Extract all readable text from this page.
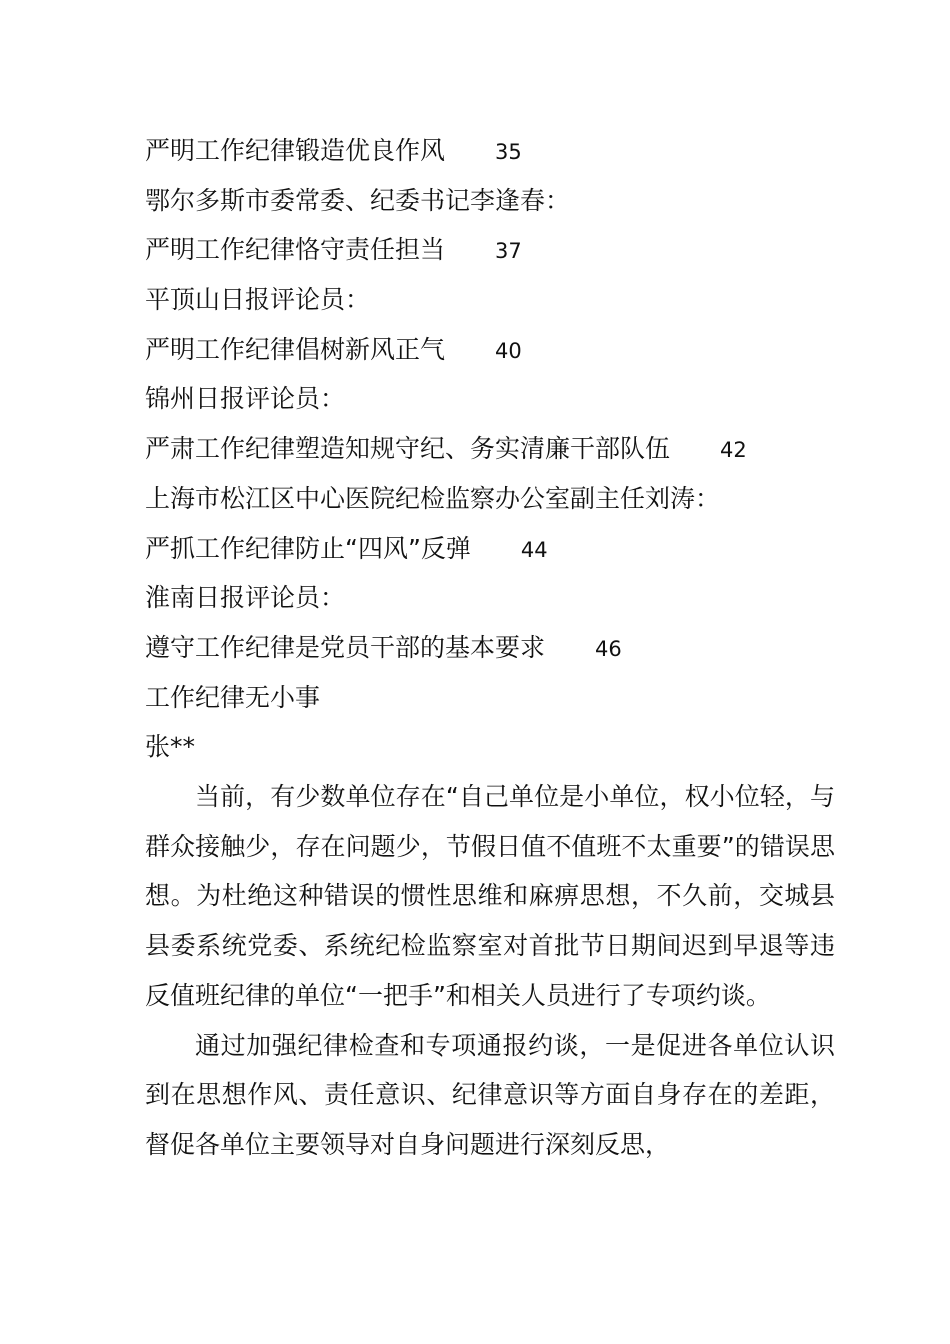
严明工作纪律锻造优良作风 35
鄂尔多斯市委常委、纪委书记李逢春：
严明工作纪律恪守责任担当 37
平顶山日报评论员：
严明工作纪律倡树新风正气 40
锦州日报评论员：
严肃工作纪律塑造知规守纪、务实清廉干部队伍 42
上海市松江区中心医院纪检监察办公室副主任刘涛：
严抓工作纪律防止“四风”反弹 44
淮南日报评论员：
遵守工作纪律是党员干部的基本要求 46
工作纪律无小事
张**

当前，有少数单位存在“自己单位是小单位，权小位轻，与群众接触少，存在问题少，节假日值不值班不太重要”的错误思想。为杜绝这种错误的惯性思维和麻痹思想，不久前，交城县县委系统党委、系统纪检监察室对首批节日期间迟到早退等违反值班纪律的单位“一把手”和相关人员进行了专项约谈。

通过加强纪律检查和专项通报约谈，一是促进各单位认识到在思想作风、责任意识、纪律意识等方面自身存在的差距，督促各单位主要领导对自身问题进行深刻反思，
